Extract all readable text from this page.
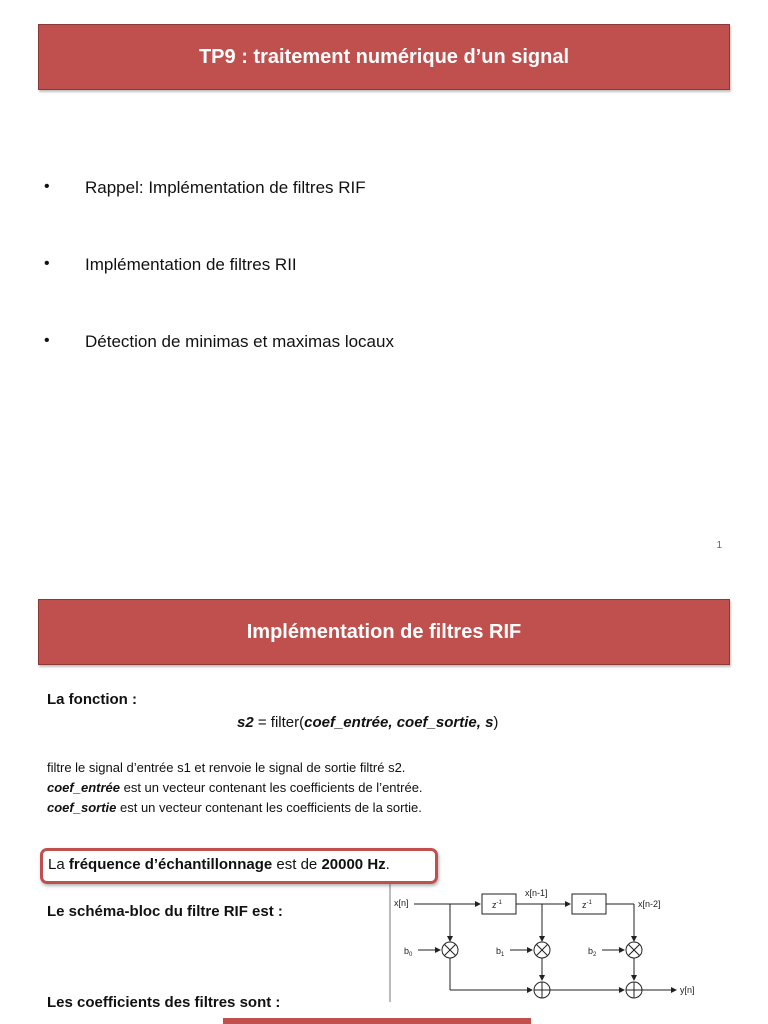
TP9 : traitement numérique d’un signal
•	Rappel: Implémentation de filtres RIF
•	Implémentation de filtres RII
•	Détection de minimas et maximas locaux
1
Implémentation de filtres RIF
La fonction :
s2 = filter(coef_entrée, coef_sortie, s)
filtre le signal d’entrée s1 et renvoie le signal de sortie filtré s2.
coef_entrée est un vecteur contenant les coefficients de l’entrée.
coef_sortie est un vecteur contenant les coefficients de la sortie.
La fréquence d’échantillonnage est de 20000 Hz.
Le schéma-bloc du filtre RIF est :	x[n]	$z^{-1}$
x[n-1]
$z^{-1}$	x[n-2]
$b_0$	$b_1$	$b_2$
y[n]
Les coefficients des filtres sont :
